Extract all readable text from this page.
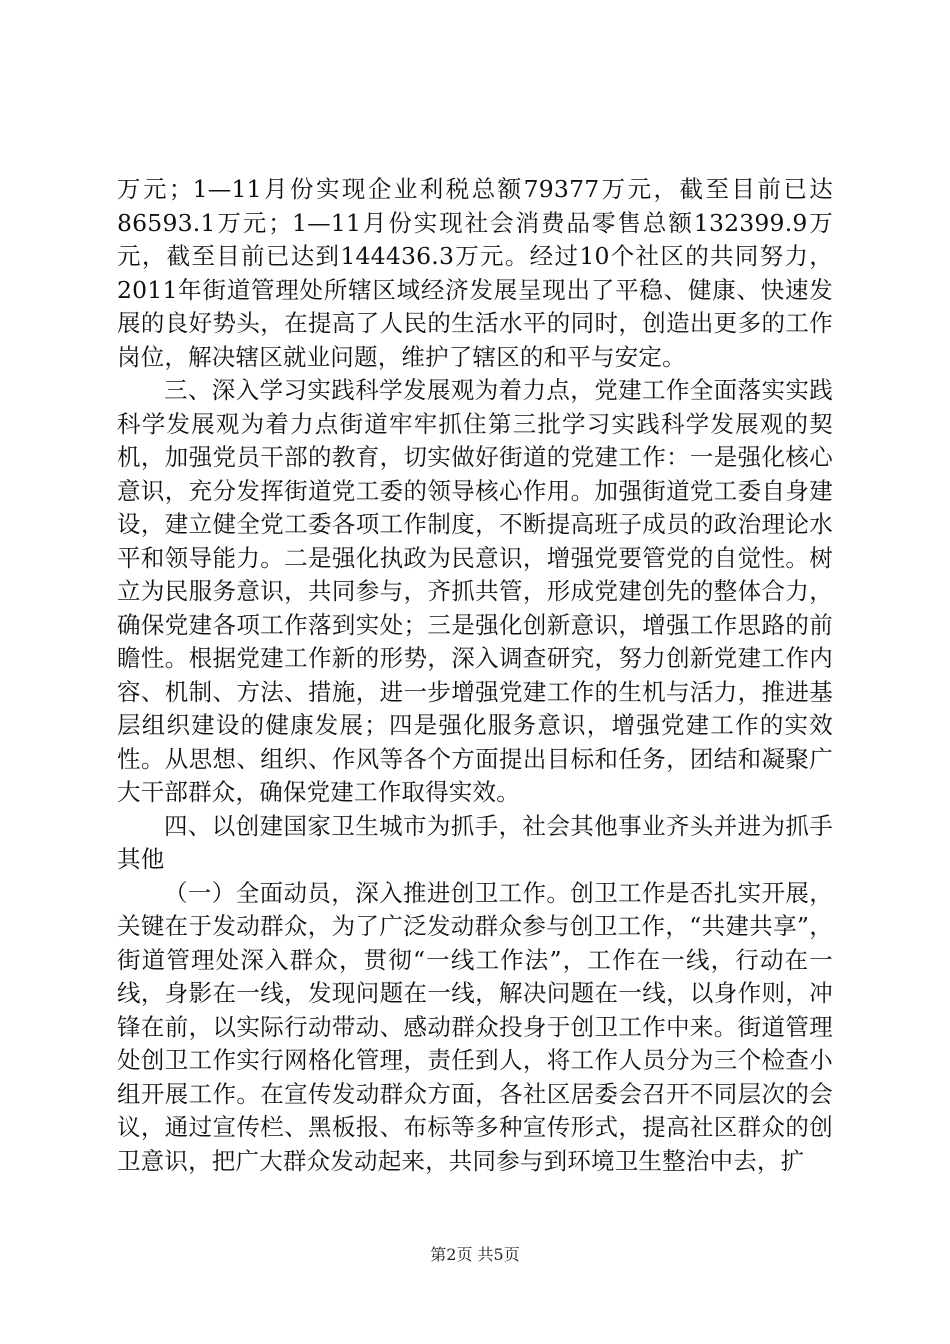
万元；1—11月份实现企业利税总额79377万元，截至目前已达86593.1万元；1—11月份实现社会消费品零售总额132399.9万元，截至目前已达到144436.3万元。经过10个社区的共同努力，2011年街道管理处所辖区域经济发展呈现出了平稳、健康、快速发展的良好势头，在提高了人民的生活水平的同时，创造出更多的工作岗位，解决辖区就业问题，维护了辖区的和平与安定。

三、深入学习实践科学发展观为着力点，党建工作全面落实实践科学发展观为着力点街道牢牢抓住第三批学习实践科学发展观的契机，加强党员干部的教育，切实做好街道的党建工作：一是强化核心意识，充分发挥街道党工委的领导核心作用。加强街道党工委自身建设，建立健全党工委各项工作制度，不断提高班子成员的政治理论水平和领导能力。二是强化执政为民意识，增强党要管党的自觉性。树立为民服务意识，共同参与，齐抓共管，形成党建创先的整体合力，确保党建各项工作落到实处；三是强化创新意识，增强工作思路的前瞻性。根据党建工作新的形势，深入调查研究，努力创新党建工作内容、机制、方法、措施，进一步增强党建工作的生机与活力，推进基层组织建设的健康发展；四是强化服务意识，增强党建工作的实效性。从思想、组织、作风等各个方面提出目标和任务，团结和凝聚广大干部群众，确保党建工作取得实效。

四、以创建国家卫生城市为抓手，社会其他事业齐头并进为抓手其他

（一）全面动员，深入推进创卫工作。创卫工作是否扎实开展，关键在于发动群众，为了广泛发动群众参与创卫工作，“共建共享”，街道管理处深入群众，贯彻“一线工作法”，工作在一线，行动在一线，身影在一线，发现问题在一线，解决问题在一线，以身作则，冲锋在前，以实际行动带动、感动群众投身于创卫工作中来。街道管理处创卫工作实行网格化管理，责任到人，将工作人员分为三个检查小组开展工作。在宣传发动群众方面，各社区居委会召开不同层次的会议，通过宣传栏、黑板报、布标等多种宣传形式，提高社区群众的创卫意识，把广大群众发动起来，共同参与到环境卫生整治中去，扩

第2页 共5页
